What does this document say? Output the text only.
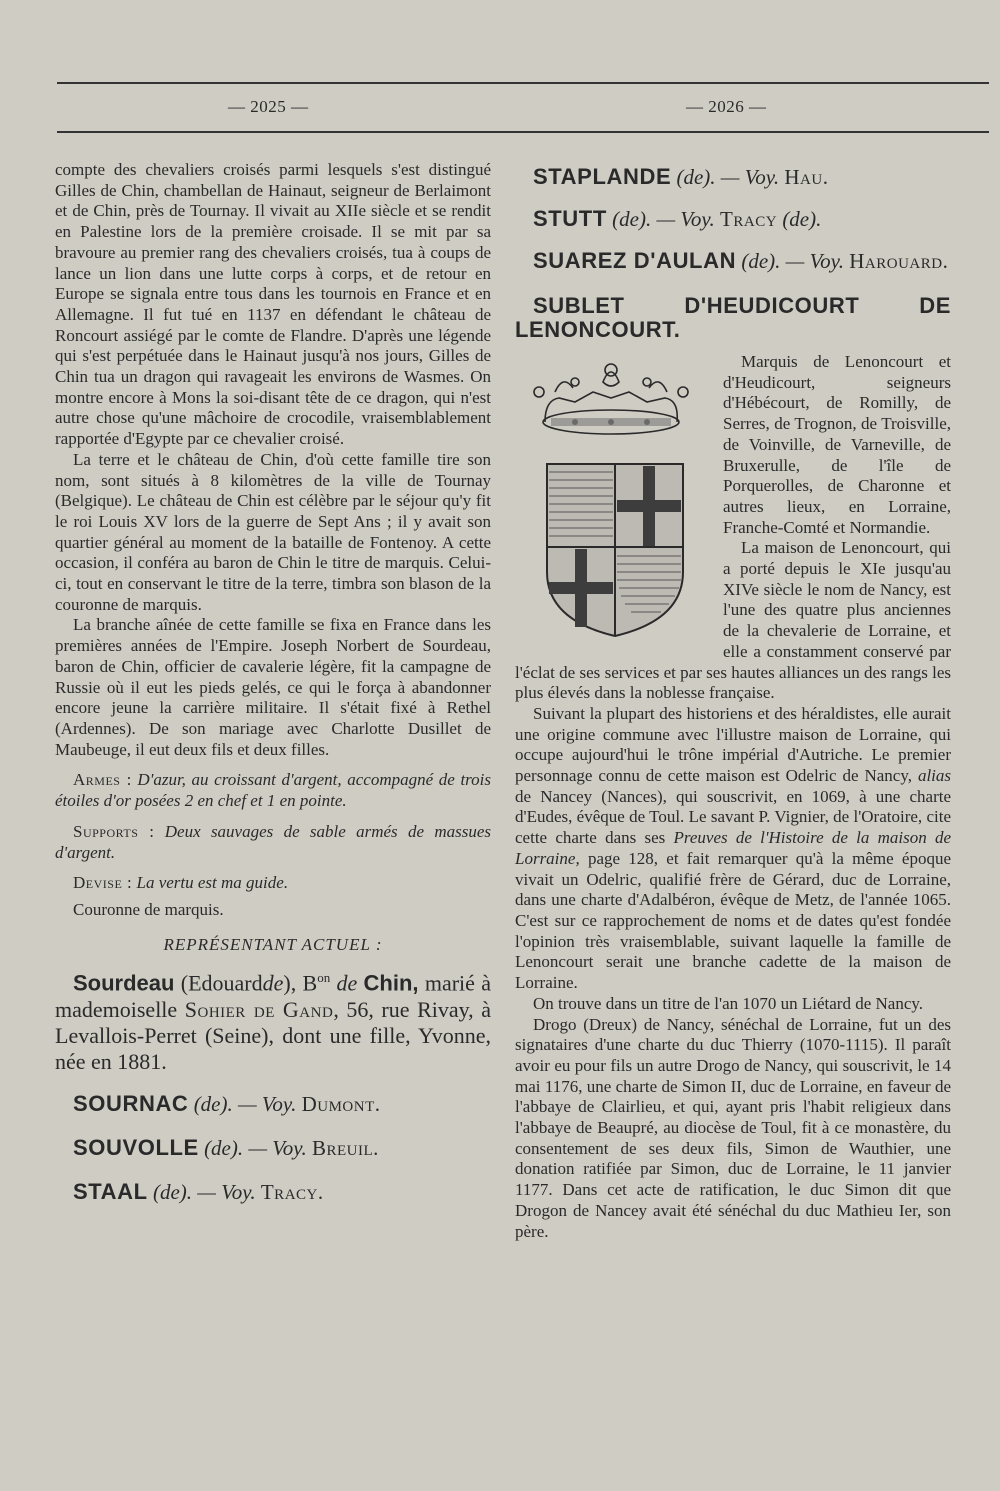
— 2025 —	— 2026 —

compte des chevaliers croisés parmi lesquels s'est distingué Gilles de Chin, chambellan de Hainaut, seigneur de Berlaimont et de Chin, près de Tournay. Il vivait au XIIe siècle et se rendit en Palestine lors de la première croisade. Il se mit par sa bravoure au premier rang des chevaliers croisés, tua à coups de lance un lion dans une lutte corps à corps, et de retour en Europe se signala entre tous dans les tournois en France et en Allemagne. Il fut tué en 1137 en défendant le château de Roncourt assiégé par le comte de Flandre. D'après une légende qui s'est perpétuée dans le Hainaut jusqu'à nos jours, Gilles de Chin tua un dragon qui ravageait les environs de Wasmes. On montre encore à Mons la soi-disant tête de ce dragon, qui n'est autre chose qu'une mâchoire de crocodile, vraisemblablement rapportée d'Egypte par ce chevalier croisé.

La terre et le château de Chin, d'où cette famille tire son nom, sont situés à 8 kilomètres de la ville de Tournay (Belgique). Le château de Chin est célèbre par le séjour qu'y fit le roi Louis XV lors de la guerre de Sept Ans ; il y avait son quartier général au moment de la bataille de Fontenoy. A cette occasion, il conféra au baron de Chin le titre de marquis. Celui-ci, tout en conservant le titre de la terre, timbra son blason de la couronne de marquis.

La branche aînée de cette famille se fixa en France dans les premières années de l'Empire. Joseph Norbert de Sourdeau, baron de Chin, officier de cavalerie légère, fit la campagne de Russie où il eut les pieds gelés, ce qui le força à abandonner encore jeune la carrière militaire. Il s'était fixé à Rethel (Ardennes). De son mariage avec Charlotte Dusillet de Maubeuge, il eut deux fils et deux filles.

Armes : D'azur, au croissant d'argent, accompagné de trois étoiles d'or posées 2 en chef et 1 en pointe.

Supports : Deux sauvages de sable armés de massues d'argent.

Devise : La vertu est ma guide.

Couronne de marquis.

REPRÉSENTANT ACTUEL :

Sourdeau (Edouardde), $B^{on}$ de Chin, marié à mademoiselle Sohier de Gand, 56, rue Rivay, à Levallois-Perret (Seine), dont une fille, Yvonne, née en 1881.

SOURNAC (de). — Voy. Dumont.

SOUVOLLE (de). — Voy. Breuil.

STAAL (de). — Voy. Tracy.

STAPLANDE (de). — Voy. Hau.

STUTT (de). — Voy. Tracy (de).

SUAREZ D'AULAN (de). — Voy. Harouard.

SUBLET D'HEUDICOURT DE LENONCOURT.

Marquis de Lenoncourt et d'Heudicourt, seigneurs d'Hébécourt, de Romilly, de Serres, de Trognon, de Troisville, de Voinville, de Varneville, de Bruxerulle, de l'île de Porquerolles, de Charonne et autres lieux, en Lorraine, Franche-Comté et Normandie.

La maison de Lenoncourt, qui a porté depuis le XIe jusqu'au XIVe siècle le nom de Nancy, est l'une des quatre plus anciennes de la chevalerie de Lorraine, et elle a constamment conservé par l'éclat de ses services et par ses hautes alliances un des rangs les plus élevés dans la noblesse française.

Suivant la plupart des historiens et des héraldistes, elle aurait une origine commune avec l'illustre maison de Lorraine, qui occupe aujourd'hui le trône impérial d'Autriche. Le premier personnage connu de cette maison est Odelric de Nancy, alias de Nancey (Nances), qui souscrivit, en 1069, à une charte d'Eudes, évêque de Toul. Le savant P. Vignier, de l'Oratoire, cite cette charte dans ses Preuves de l'Histoire de la maison de Lorraine, page 128, et fait remarquer qu'à la même époque vivait un Odelric, qualifié frère de Gérard, duc de Lorraine, dans une charte d'Adalbéron, évêque de Metz, de l'année 1065. C'est sur ce rapprochement de noms et de dates qu'est fondée l'opinion très vraisemblable, suivant laquelle la famille de Lenoncourt serait une branche cadette de la maison de Lorraine.

On trouve dans un titre de l'an 1070 un Liétard de Nancy.

Drogo (Dreux) de Nancy, sénéchal de Lorraine, fut un des signataires d'une charte du duc Thierry (1070-1115). Il paraît avoir eu pour fils un autre Drogo de Nancy, qui souscrivit, le 14 mai 1176, une charte de Simon II, duc de Lorraine, en faveur de l'abbaye de Clairlieu, et qui, ayant pris l'habit religieux dans l'abbaye de Beaupré, au diocèse de Toul, fit à ce monastère, du consentement de ses deux fils, Simon de Wauthier, une donation ratifiée par Simon, duc de Lorraine, le 11 janvier 1177. Dans cet acte de ratification, le duc Simon dit que Drogon de Nancey avait été sénéchal du duc Mathieu Ier, son père.
